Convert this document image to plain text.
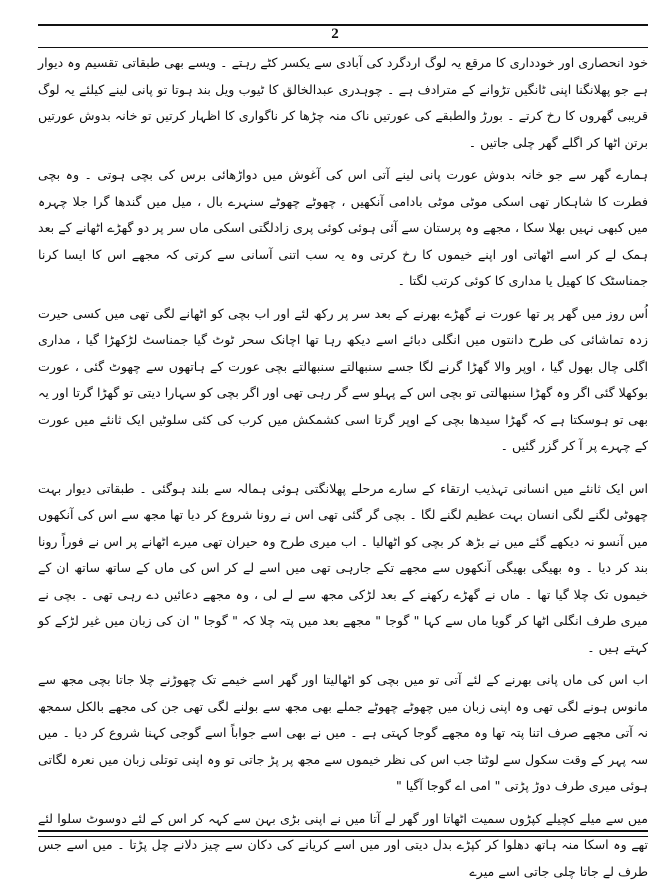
2

خود انحصاری اور خودداری کا مرقع یہ لوگ اردگرد کی آبادی سے یکسر کٹے رہتے ۔ ویسے بھی طبقاتی تقسیم وہ دیوار ہے جو پھلانگنا اپنی ٹانگیں تڑوانے کے مترادف ہے ۔ چوہدری عبدالخالق کا ٹیوب ویل بند ہوتا تو پانی لینے کیلئے یہ لوگ قریبی گھروں کا رخ کرتے ۔ بورڑ والطبقے کی عورتیں ناک منہ چڑھا کر ناگواری کا اظہار کرتیں تو خانہ بدوش عورتیں برتن اٹھا کر اگلے گھر چلی جاتیں ۔

ہمارے گھر سے جو خانہ بدوش عورت پانی لینے آتی اس کی آغوش میں دواڑھائی برس کی بچی ہوتی ۔ وہ بچی فطرت کا شاہکار تھی اسکی موٹی موٹی بادامی آنکھیں ، چھوٹے چھوٹے سنہرے بال ، میل میں گندھا گرا جلا چہرہ میں کبھی نہیں بھلا سکا ، مجھے وہ پرستان سے آئی ہوئی کوئی پری زادلگتی اسکی ماں سر پر دو گھڑے اٹھانے کے بعد ہمک لے کر اسے اٹھاتی اور اپنے خیموں کا رخ کرتی وہ یہ سب اتنی آسانی سے کرتی کہ مجھے اس کا ایسا کرنا جمناسٹک کا کھیل یا مداری کا کوئی کرتب لگتا ۔

اُس روز میں گھر پر تھا عورت نے گھڑے بھرنے کے بعد سر پر رکھ لئے اور اب بچی کو اٹھانے لگی تھی میں کسی حیرت زدہ تماشائی کی طرح دانتوں میں انگلی دبائے اسے دیکھ رہا تھا اچانک سحر ٹوٹ گیا جمناسٹ لڑکھڑا گیا ، مداری اگلی چال بھول گیا ، اوپر والا گھڑا گرنے لگا جسے سنبھالتے سنبھالتے بچی عورت کے ہاتھوں سے چھوٹ گئی ، عورت بوکھلا گئی اگر وہ گھڑا سنبھالتی تو بچی اس کے پہلو سے گر رہی تھی اور اگر بچی کو سہارا دیتی تو گھڑا گرتا اور یہ بھی تو ہوسکتا ہے کہ گھڑا سیدھا بچی کے اوپر گرتا اسی کشمکش میں کرب کی کئی سلوٹیں ایک ثانئے میں عورت کے چہرے پر آ کر گزر گئیں ۔

اس ایک ثانئے میں انسانی تہذیب ارتقاء کے سارے مرحلے پھلانگتی ہوئی ہمالہ سے بلند ہوگئی ۔ طبقاتی دیوار بہت چھوٹی لگنے لگی انسان بہت عظیم لگنے لگا ۔ بچی گر گئی تھی اس نے رونا شروع کر دیا تھا مجھ سے اس کی آنکھوں میں آنسو نہ دیکھے گئے میں نے بڑھ کر بچی کو اٹھالیا ۔ اب میری طرح وہ حیران تھی میرے اٹھانے پر اس نے فوراً رونا بند کر دیا ۔ وہ بھیگی بھیگی آنکھوں سے مجھے تکے جارہی تھی میں اسے لے کر اس کی ماں کے ساتھ ساتھ ان کے خیموں تک چلا گیا تھا ۔ ماں نے گھڑے رکھنے کے بعد لڑکی مجھ سے لے لی ، وہ مجھے دعائیں دے رہی تھی ۔ بچی نے میری طرف انگلی اٹھا کر گویا ماں سے کہا " گوجا " مجھے بعد میں پتہ چلا کہ " گوجا " ان کی زبان میں غیر لڑکے کو کہتے ہیں ۔

اب اس کی ماں پانی بھرنے کے لئے آتی تو میں بچی کو اٹھالیتا اور گھر اسے خیمے تک چھوڑنے چلا جاتا بچی مجھ سے مانوس ہونے لگی تھی وہ اپنی زبان میں چھوٹے چھوٹے جملے بھی مجھ سے بولنے لگی تھی جن کی مجھے بالکل سمجھ نہ آتی مجھے صرف اتنا پتہ تھا وہ مجھے گوجا کہتی ہے ۔ میں نے بھی اسے جواباً اسے گوجی کہنا شروع کر دیا ۔ میں سہ پہر کے وقت سکول سے لوٹتا جب اس کی نظر خیموں سے مجھ پر پڑ جاتی تو وہ اپنی توتلی زبان میں نعرہ لگاتی ہوئی میری طرف دوڑ پڑتی " امی اے گوجا آگیا "

میں سے میلے کچیلے کپڑوں سمیت اٹھاتا اور گھر لے آتا میں نے اپنی بڑی بہن سے کہہ کر اس کے لئے دوسوٹ سلوا لئے تھے وہ اسکا منہ ہاتھ دھلوا کر کپڑے بدل دیتی اور میں اسے کریانے کی دکان سے چیز دلانے چل پڑتا ۔ میں اسے جس طرف لے جاتا چلی جاتی اسے میرے
